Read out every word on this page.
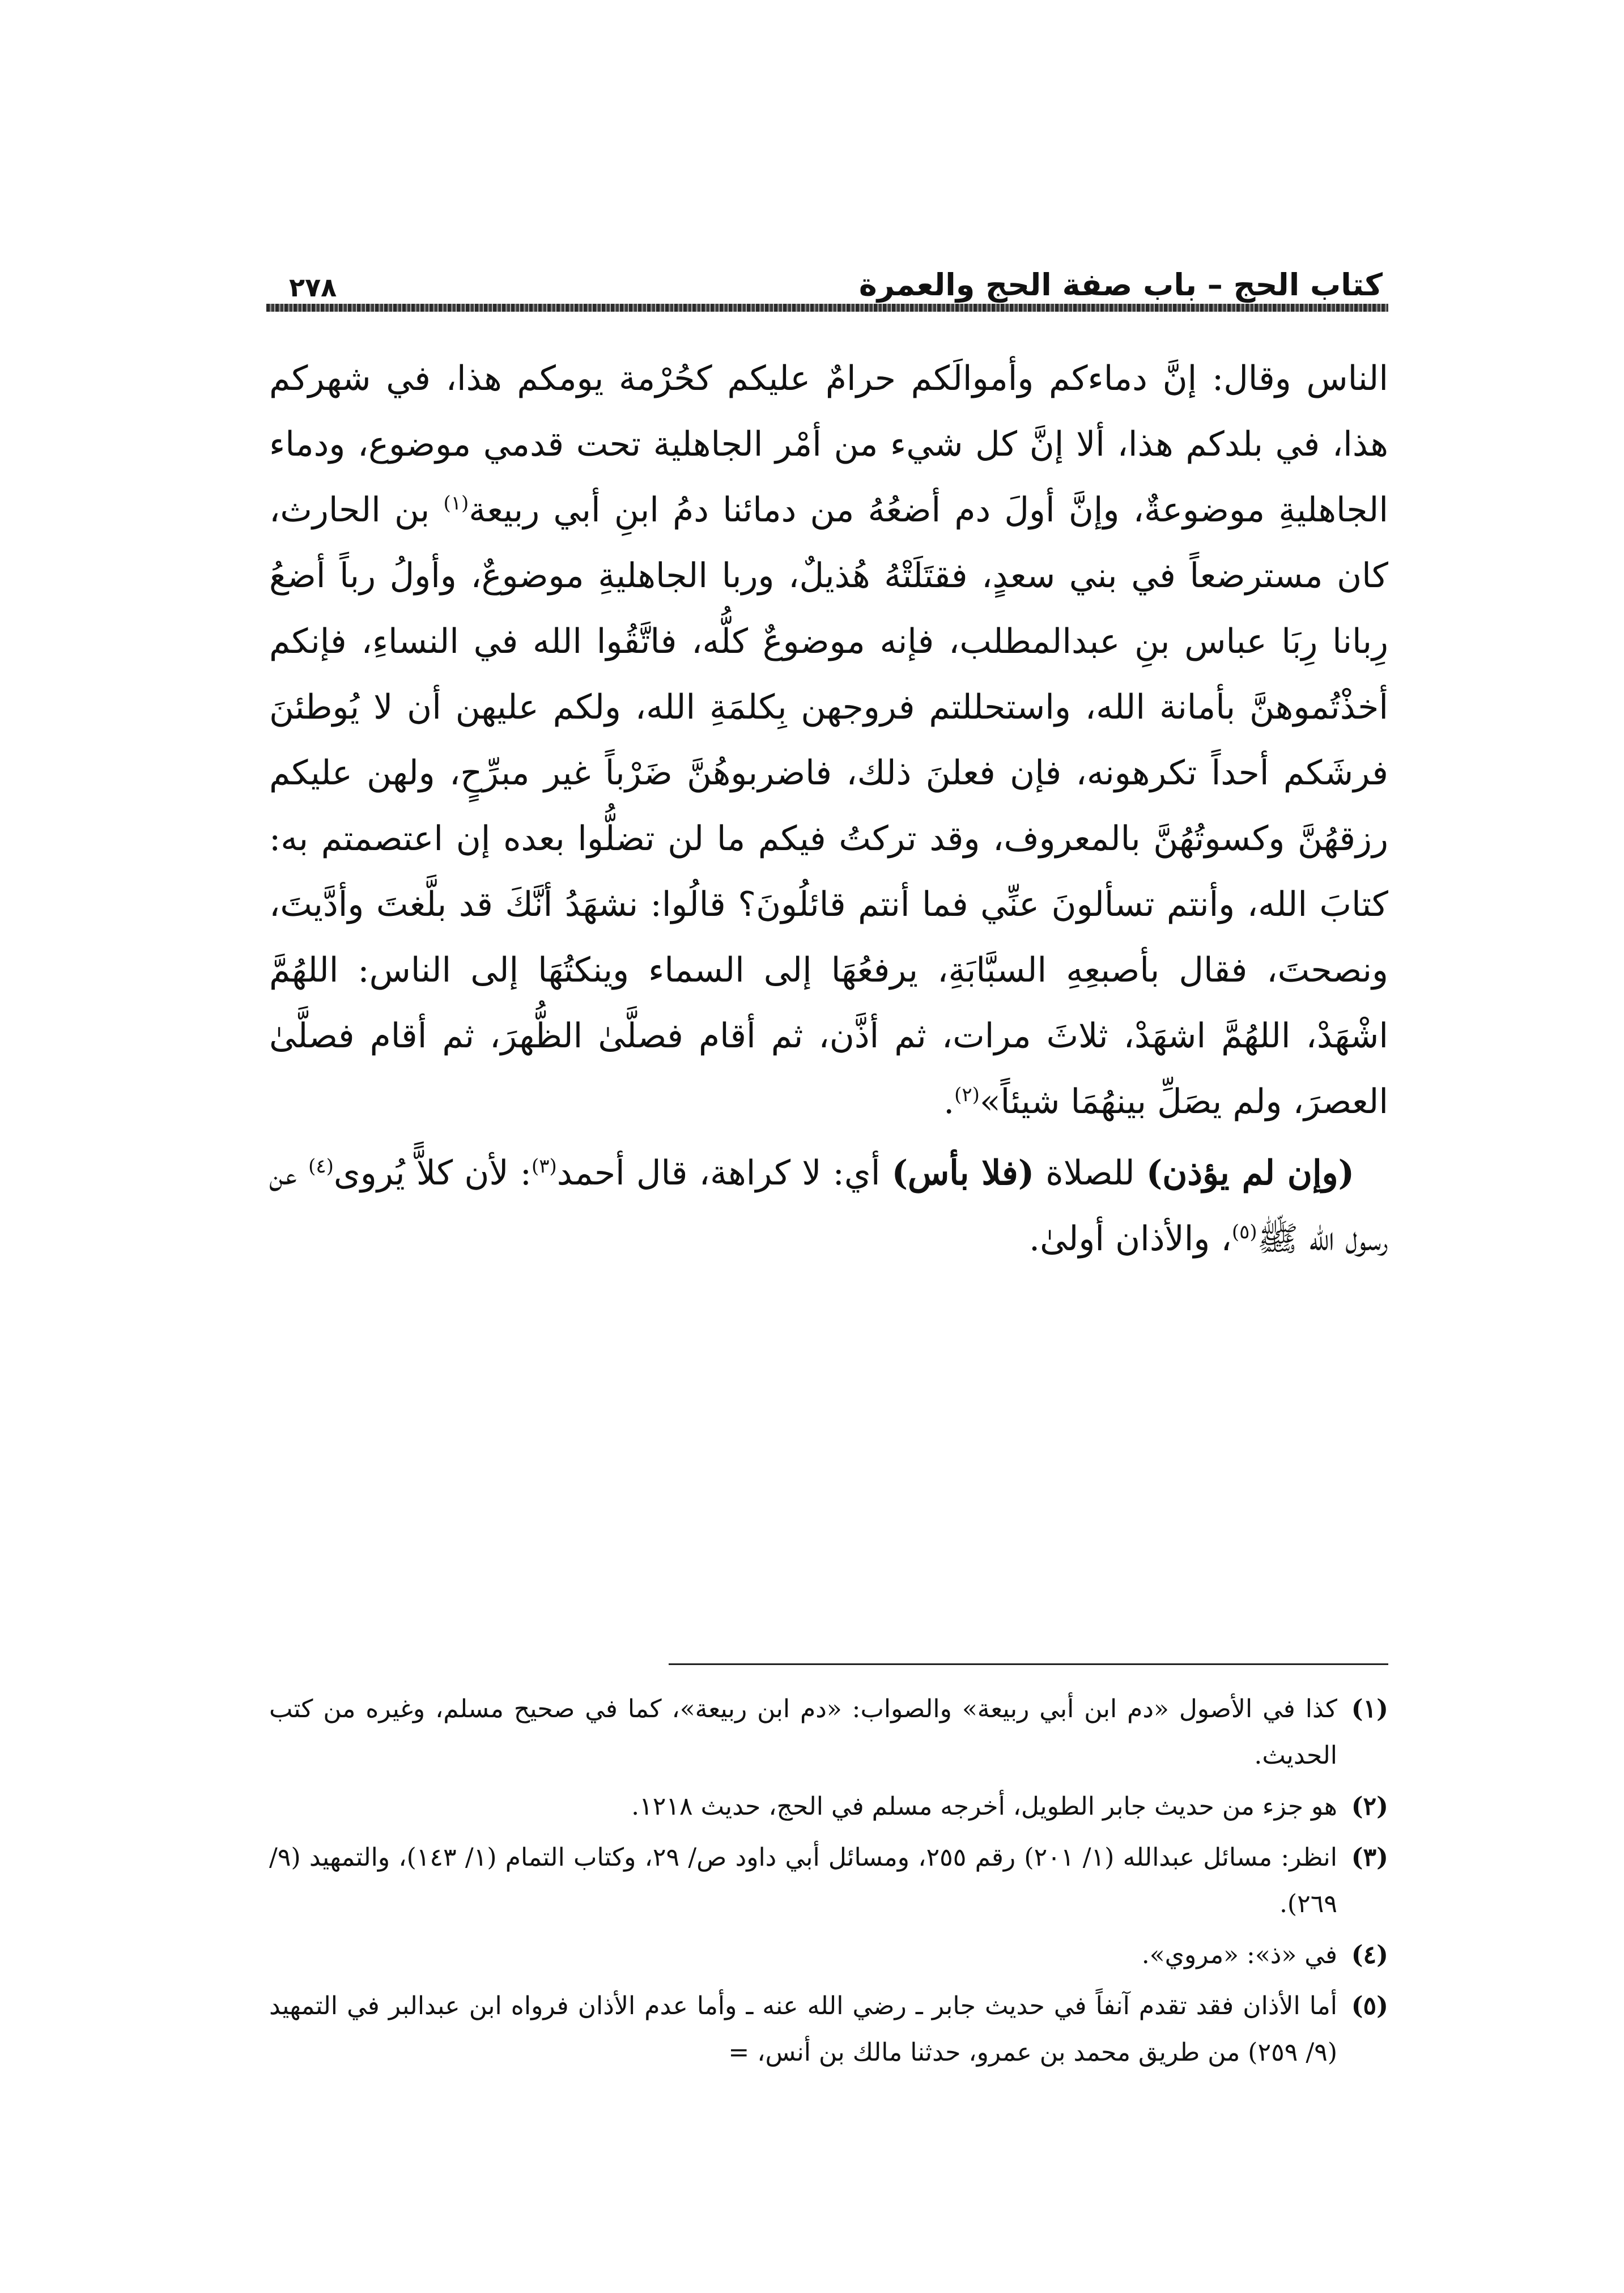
٢٧٨	كتاب الحج – باب صفة الحج والعمرة

الناس وقال: إنَّ دماءكم وأموالَكم حرامٌ عليكم كحُرْمة يومكم هذا، في شهركم هذا، في بلدكم هذا، ألا إنَّ كل شيء من أمْر الجاهلية تحت قدمي موضوع، ودماء الجاهليةِ موضوعةٌ، وإنَّ أولَ دم أضعُهُ من دمائنا دمُ ابنِ أبي ربيعة$^{(١)}$ بن الحارث، كان مسترضعاً في بني سعدٍ، فقتَلَتْهُ هُذيلٌ، وربا الجاهليةِ موضوعٌ، وأولُ رباً أضعُ رِبانا رِبَا عباس بنِ عبدالمطلب، فإنه موضوعٌ كلُّه، فاتَّقُوا الله في النساءِ، فإنكم أخذْتُموهنَّ بأمانة الله، واستحللتم فروجهن بِكلمَةِ الله، ولكم عليهن أن لا يُوطئنَ فرشَكم أحداً تكرهونه، فإن فعلنَ ذلك، فاضربوهُنَّ ضَرْباً غير مبرِّحٍ، ولهن عليكم رزقهُنَّ وكسوتُهُنَّ بالمعروف، وقد تركتُ فيكم ما لن تضلُّوا بعده إن اعتصمتم به: كتابَ الله، وأنتم تسألونَ عنِّي فما أنتم قائلُونَ؟ قالُوا: نشهَدُ أنَّكَ قد بلَّغتَ وأدَّيتَ، ونصحتَ، فقال بأصبعِهِ السبَّابَةِ، يرفعُهَا إلى السماء وينكتُهَا إلى الناس: اللهُمَّ اشْهَدْ، اللهُمَّ اشهَدْ، ثلاثَ مرات، ثم أذَّن، ثم أقام فصلَّىٰ الظُّهرَ، ثم أقام فصلَّىٰ العصرَ، ولم يصَلِّ بينهُمَا شيئاً»$^{(٢)}$.

(وإن لم يؤذن) للصلاة (فلا بأس) أي: لا كراهة، قال أحمد$^{(٣)}$: لأن كلاًّ يُروى$^{(٤)}$ عن رسول الله ﷺ$^{(٥)}$، والأذان أولىٰ.

(١)
كذا في الأصول «دم ابن أبي ربيعة» والصواب: «دم ابن ربيعة»، كما في صحيح مسلم، وغيره من كتب الحديث.
(٢)
هو جزء من حديث جابر الطويل، أخرجه مسلم في الحج، حديث ١٢١٨.
(٣)
انظر: مسائل عبدالله (١/ ٢٠١) رقم ٢٥٥، ومسائل أبي داود ص/ ٢٩، وكتاب التمام (١/ ١٤٣)، والتمهيد (٩/ ٢٦٩).
(٤)
في «ذ»: «مروي».
(٥)
أما الأذان فقد تقدم آنفاً في حديث جابر ـ رضي الله عنه ـ وأما عدم الأذان فرواه ابن عبدالبر في التمهيد (٩/ ٢٥٩) من طريق محمد بن عمرو، حدثنا مالك بن أنس، =
